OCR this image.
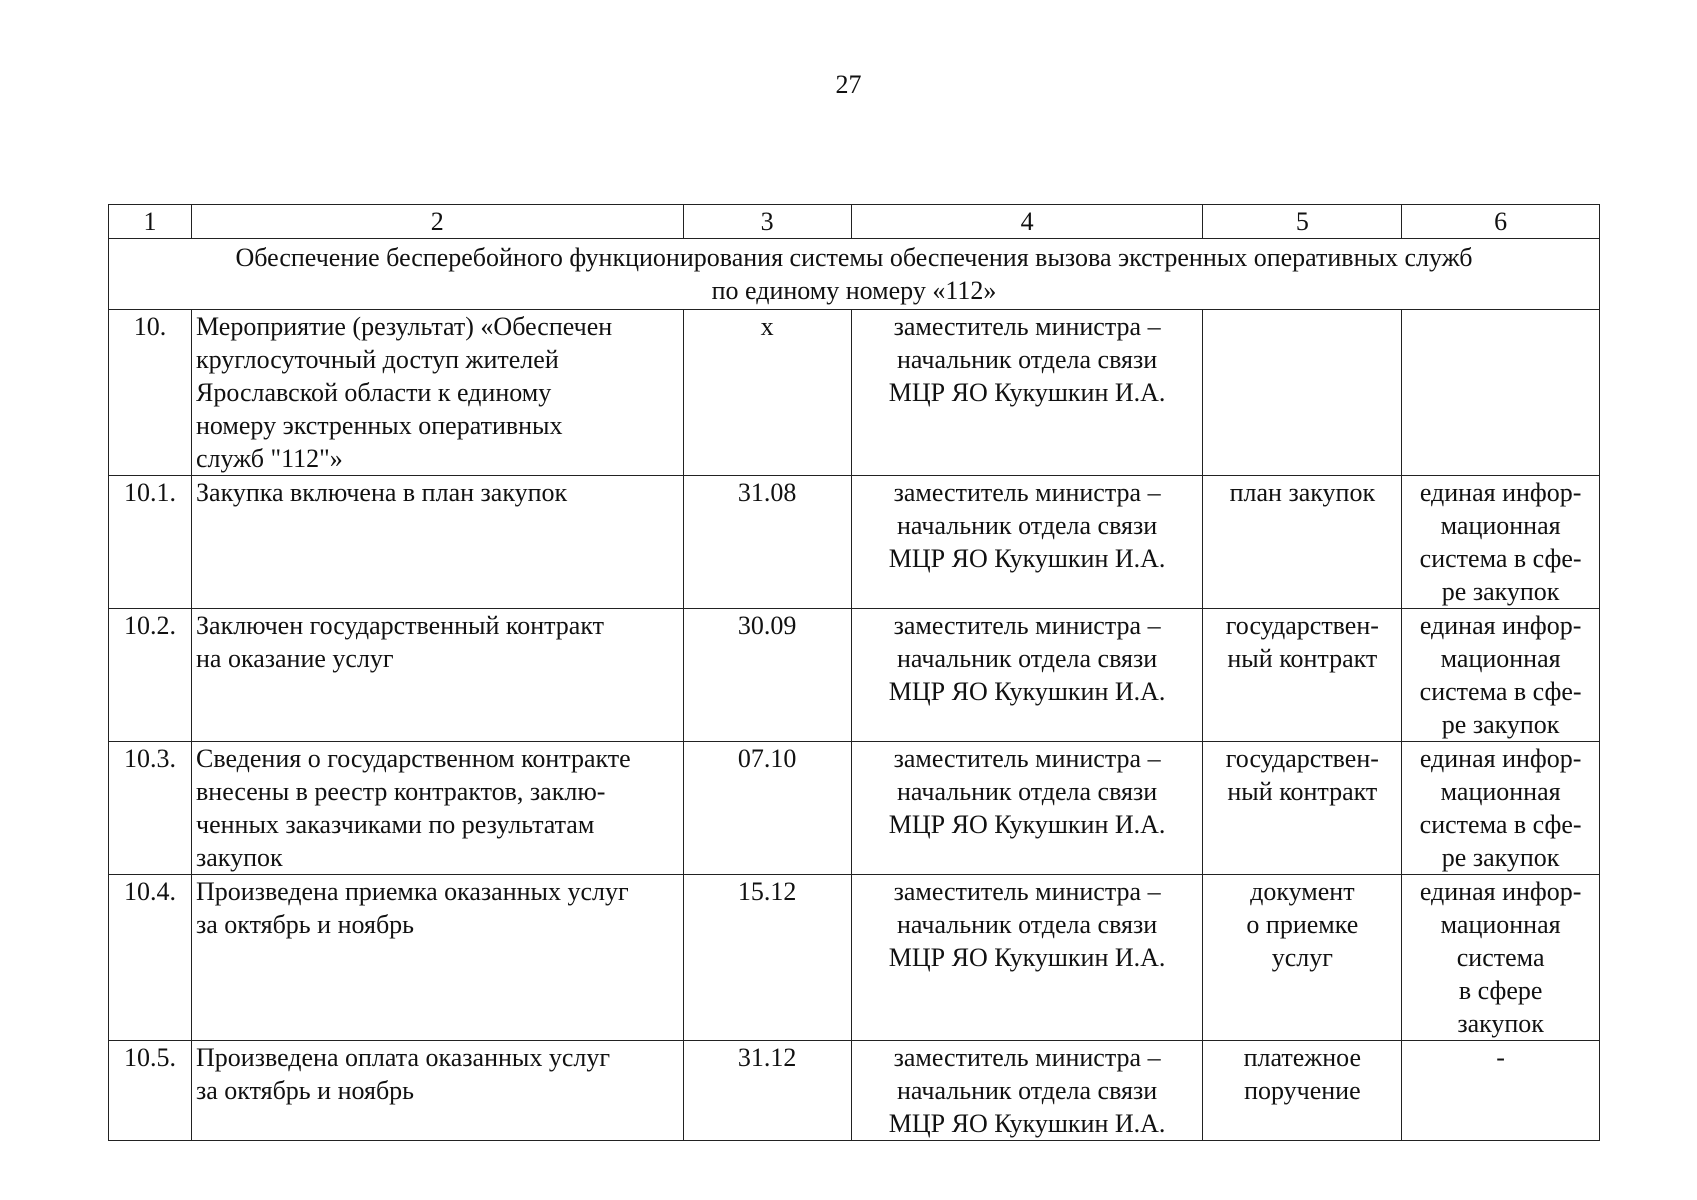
27
1	2	3	4	5	6

Обеспечение бесперебойного функционирования системы обеспечения вызова экстренных оперативных служб
по единому номеру «112»					

10.	Мероприятие (результат) «Обеспечен
круглосуточный доступ жителей
Ярославской области к единому
номеру экстренных оперативных
служб "112"»	х	заместитель министра –
начальник отдела связи
МЦР ЯО Кукушкин И.А.		

10.1.	Закупка включена в план закупок	31.08	заместитель министра –
начальник отдела связи
МЦР ЯО Кукушкин И.А.	план закупок	единая инфор-
мационная
система в сфе-
ре закупок

10.2.	Заключен государственный контракт
на оказание услуг	30.09	заместитель министра –
начальник отдела связи
МЦР ЯО Кукушкин И.А.	государствен-
ный контракт	единая инфор-
мационная
система в сфе-
ре закупок

10.3.	Сведения о государственном контракте
внесены в реестр контрактов, заклю-
ченных заказчиками по результатам
закупок	07.10	заместитель министра –
начальник отдела связи
МЦР ЯО Кукушкин И.А.	государствен-
ный контракт	единая инфор-
мационная
система в сфе-
ре закупок

10.4.	Произведена приемка оказанных услуг
за октябрь и ноябрь	15.12	заместитель министра –
начальник отдела связи
МЦР ЯО Кукушкин И.А.	документ
о приемке
услуг	единая инфор-
мационная
система
в сфере
закупок

10.5.	Произведена оплата оказанных услуг
за октябрь и ноябрь	31.12	заместитель министра –
начальник отдела связи
МЦР ЯО Кукушкин И.А.	платежное
поручение	-
